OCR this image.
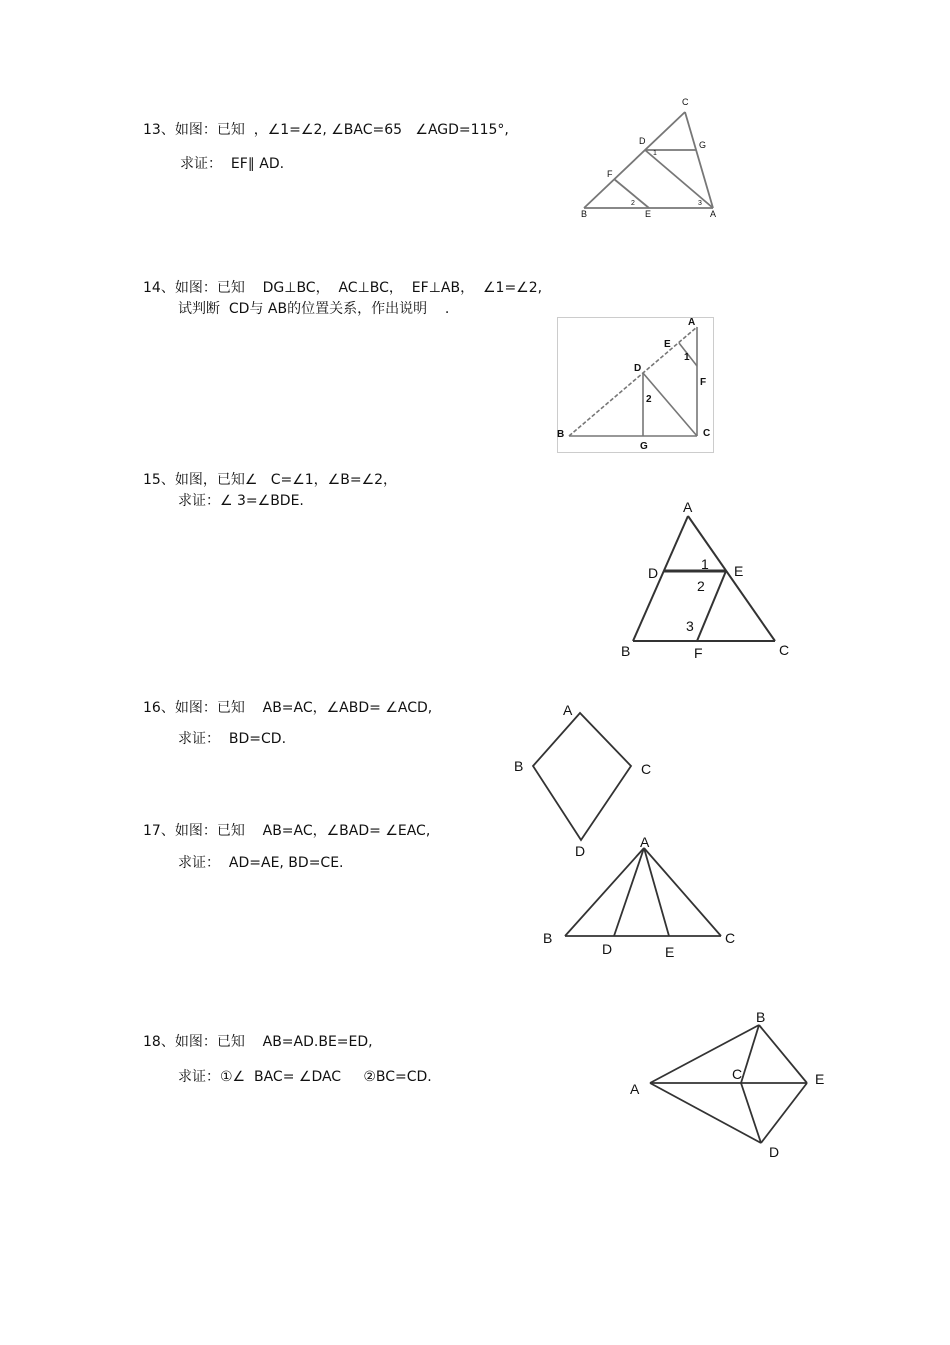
13、如图：已知  ，∠1=∠2, ∠BAC=65   ∠AGD=115°,
求证：  EF∥ AD.
C
D	G
F
B
2
E
3
A
1
14、如图：已知    DG⊥BC，  AC⊥BC，  EF⊥AB，  ∠1=∠2,
试判断  CD与 AB的位置关系，作出说明    .
A
E
1
F
D
2
B
G
C
15、如图，已知∠   C=∠1，∠B=∠2，
求证：∠ 3=∠BDE.	A
D
1 E
2
3
B	F	C
16、如图：已知    AB=AC，∠ABD= ∠ACD,
求证：  BD=CD.
A
B	C
D
17、如图：已知    AB=AC，∠BAD= ∠EAC,
求证：  AD=AE, BD=CE.
A
B
D	E
C
18、如图：已知    AB=AD.BE=ED,
求证：①∠  BAC= ∠DAC     ②BC=CD.
B
C	E
A
D
